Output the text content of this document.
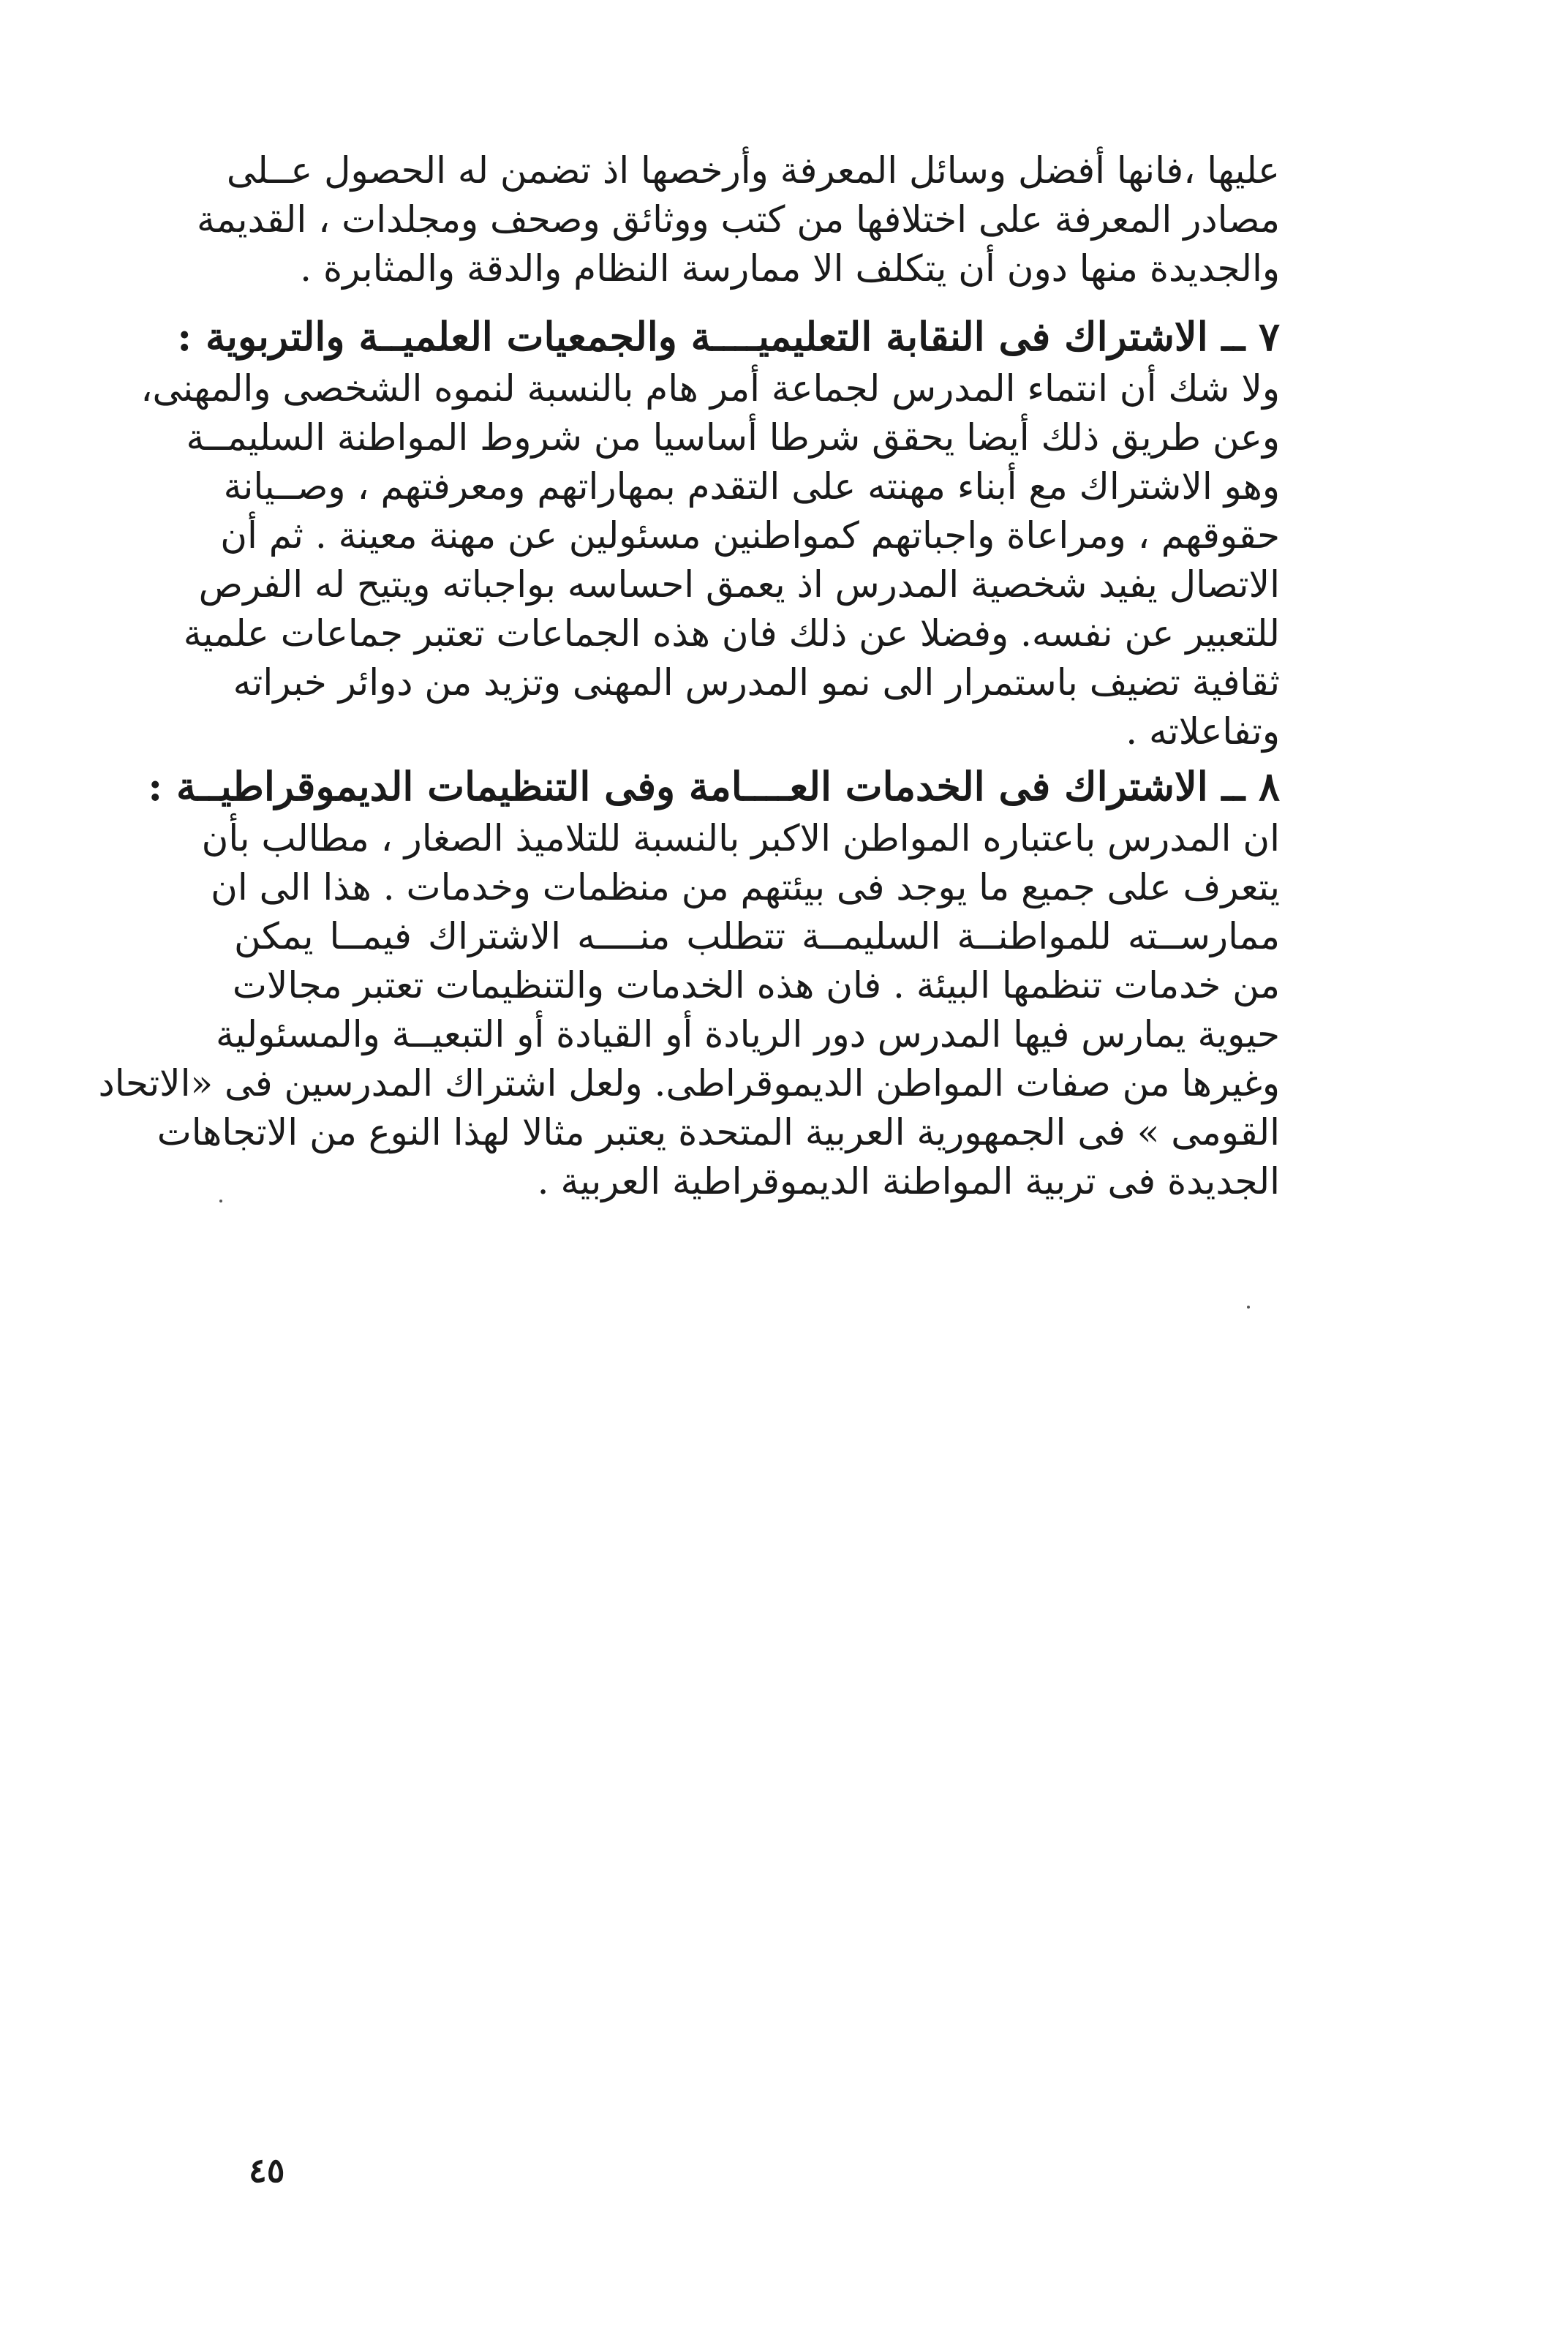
عليها ،فانها أفضل وسائل المعرفة وأرخصها اذ تضمن له الحصول عــلى
مصادر المعرفة على اختلافها من كتب ووثائق وصحف ومجلدات ، القديمة
والجديدة منها دون أن يتكلف الا ممارسة النظام والدقة والمثابرة .
٧ ــ الاشتراك فى النقابة التعليميــــة والجمعيات العلميــة والتربوية :
ولا شك أن انتماء المدرس لجماعة أمر هام بالنسبة لنموه الشخصى والمهنى،
وعن طريق ذلك أيضا يحقق شرطا أساسيا من شروط المواطنة السليمــة
وهو الاشتراك مع أبناء مهنته على التقدم بمهاراتهم ومعرفتهم ، وصــيانة
حقوقهم ، ومراعاة واجباتهم كمواطنين مسئولين عن مهنة معينة . ثم أن
الاتصال يفيد شخصية المدرس اذ يعمق احساسه بواجباته ويتيح له الفرص
للتعبير عن نفسه. وفضلا عن ذلك فان هذه الجماعات تعتبر جماعات علمية
ثقافية تضيف باستمرار الى نمو المدرس المهنى وتزيد من دوائر خبراته
وتفاعلاته .
٨ ــ الاشتراك فى الخدمات العــــامة وفى التنظيمات الديموقراطيــة :
ان المدرس باعتباره المواطن الاكبر بالنسبة للتلاميذ الصغار ، مطالب بأن
يتعرف على جميع ما يوجد فى بيئتهم من منظمات وخدمات . هذا الى ان
ممارســته للمواطنــة السليمــة تتطلب منــــه الاشتراك فيمــا يمكن
من خدمات تنظمها البيئة . فان هذه الخدمات والتنظيمات تعتبر مجالات
حيوية يمارس فيها المدرس دور الريادة أو القيادة أو التبعيــة والمسئولية
وغيرها من صفات المواطن الديموقراطى. ولعل اشتراك المدرسين فى «الاتحاد
القومى » فى الجمهورية العربية المتحدة يعتبر مثالا لهذا النوع من الاتجاهات
الجديدة فى تربية المواطنة الديموقراطية العربية .
٤٥
